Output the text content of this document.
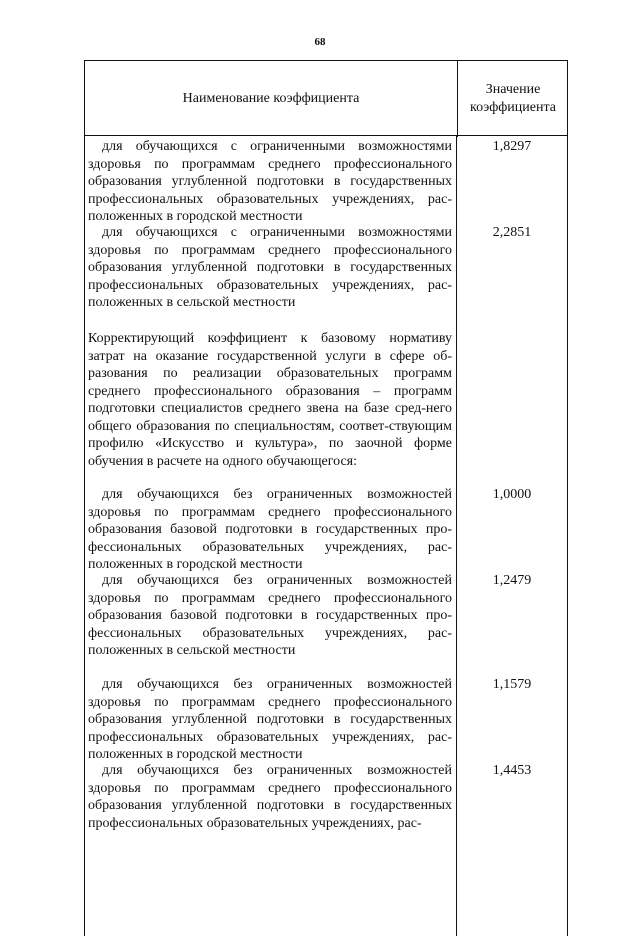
68
Наименование коэффициента
Значение
коэффициента
для обучающихся с ограниченными возможностями здоровья по программам среднего профессионального образования углубленной подготовки в государственных профессиональных образовательных учреждениях, рас-положенных в городской местности
1,8297
для обучающихся с ограниченными возможностями здоровья по программам среднего профессионального образования углубленной подготовки в государственных профессиональных образовательных учреждениях, рас-положенных в сельской местности
2,2851
Корректирующий коэффициент к базовому нормативу затрат на оказание государственной услуги в сфере об-разования по реализации образовательных программ среднего профессионального образования – программ подготовки специалистов среднего звена на базе сред-него общего образования по специальностям, соответ-ствующим профилю «Искусство и культура», по заочной форме обучения в расчете на одного обучающегося:
для обучающихся без ограниченных возможностей здоровья по программам среднего профессионального образования базовой подготовки в государственных про-фессиональных образовательных учреждениях, рас-положенных в городской местности
1,0000
для обучающихся без ограниченных возможностей здоровья по программам среднего профессионального образования базовой подготовки в государственных про-фессиональных образовательных учреждениях, рас-положенных в сельской местности
1,2479
для обучающихся без ограниченных возможностей здоровья по программам среднего профессионального образования углубленной подготовки в государственных профессиональных образовательных учреждениях, рас-положенных в городской местности
1,1579
для обучающихся без ограниченных возможностей здоровья по программам среднего профессионального образования углубленной подготовки в государственных профессиональных образовательных учреждениях, рас-
1,4453
